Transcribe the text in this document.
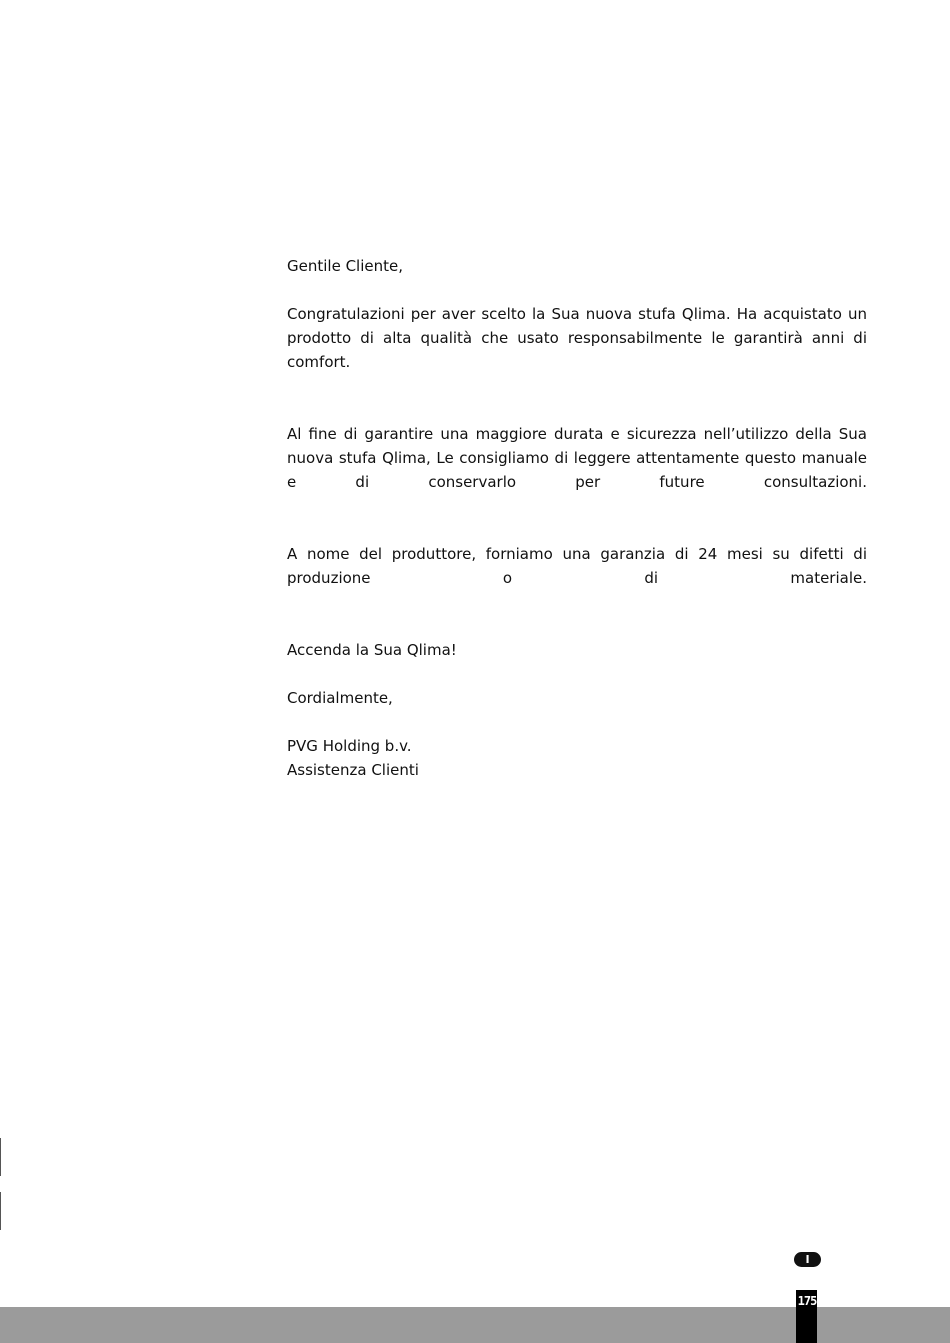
Gentile Cliente,

Congratulazioni per aver scelto la Sua nuova stufa Qlima. Ha acquistato un prodotto di alta qualità che usato responsabilmente le garantirà anni di comfort.

Al fine di garantire una maggiore durata e sicurezza nell’utilizzo della Sua nuova stufa Qlima, Le consigliamo di leggere attentamente questo manuale e di conservarlo per future consultazioni.

A nome del produttore, forniamo una garanzia di 24 mesi su difetti di produzione o di materiale.

Accenda la Sua Qlima!

Cordialmente,

PVG Holding b.v.
Assistenza Clienti

I
175
